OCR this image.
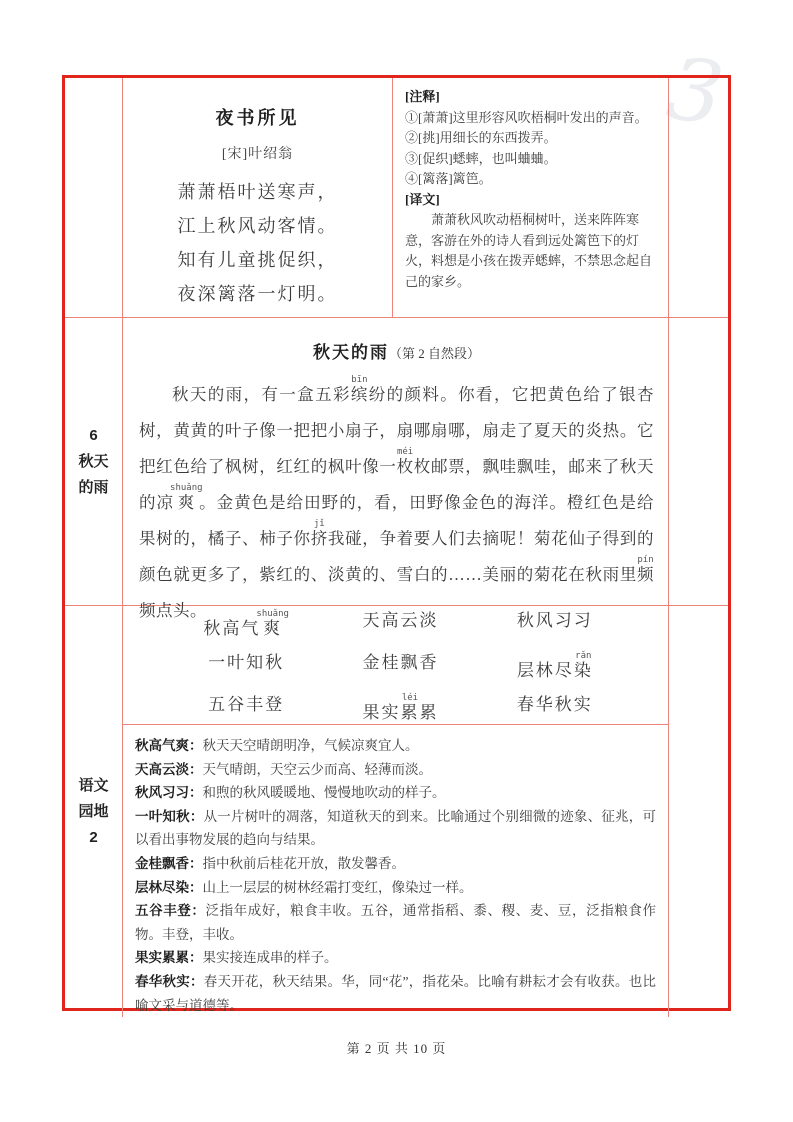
3
夜书所见
[宋]叶绍翁
萧萧梧叶送寒声，
江上秋风动客情。
知有儿童挑促织，
夜深篱落一灯明。
[注释]
①[萧萧]这里形容风吹梧桐叶发出的声音。
②[挑]用细长的东西拨弄。
③[促织]蟋蟀，也叫蛐蛐。
④[篱落]篱笆。
[译文]
萧萧秋风吹动梧桐树叶，送来阵阵寒意，客游在外的诗人看到远处篱笆下的灯火，料想是小孩在拨弄蟋蟀，不禁思念起自己的家乡。
6
秋天
的雨
秋天的雨（第 2 自然段）
秋天的雨，有一盒五彩缤bīn纷的颜料。你看，它把黄色给了银杏树，黄黄的叶子像一把把小扇子，扇哪扇哪，扇走了夏天的炎热。它把红色给了枫树，红红的枫叶像一枚méi枚邮票，飘哇飘哇，邮来了秋天的凉爽shuǎng。金黄色是给田野的，看，田野像金色的海洋。橙红色是给果树的，橘子、柿子你挤jǐ我碰，争着要人们去摘呢！菊花仙子得到的颜色就更多了，紫红的、淡黄的、雪白的……美丽的菊花在秋雨里频pín频点头。
语文
园地
2
秋高气爽shuǎng	天高云淡	秋风习习
一叶知秋	金桂飘香	层林尽染rǎn
五谷丰登	果实累léi累	春华秋实
秋高气爽：秋天天空晴朗明净，气候凉爽宜人。
天高云淡：天气晴朗，天空云少而高、轻薄而淡。
秋风习习：和煦的秋风暖暖地、慢慢地吹动的样子。
一叶知秋：从一片树叶的凋落，知道秋天的到来。比喻通过个别细微的迹象、征兆，可以看出事物发展的趋向与结果。
金桂飘香：指中秋前后桂花开放，散发馨香。
层林尽染：山上一层层的树林经霜打变红，像染过一样。
五谷丰登：泛指年成好，粮食丰收。五谷，通常指稻、黍、稷、麦、豆，泛指粮食作物。丰登，丰收。
果实累累：果实接连成串的样子。
春华秋实：春天开花，秋天结果。华，同“花”，指花朵。比喻有耕耘才会有收获。也比喻文采与道德等。
第 2 页 共 10 页
